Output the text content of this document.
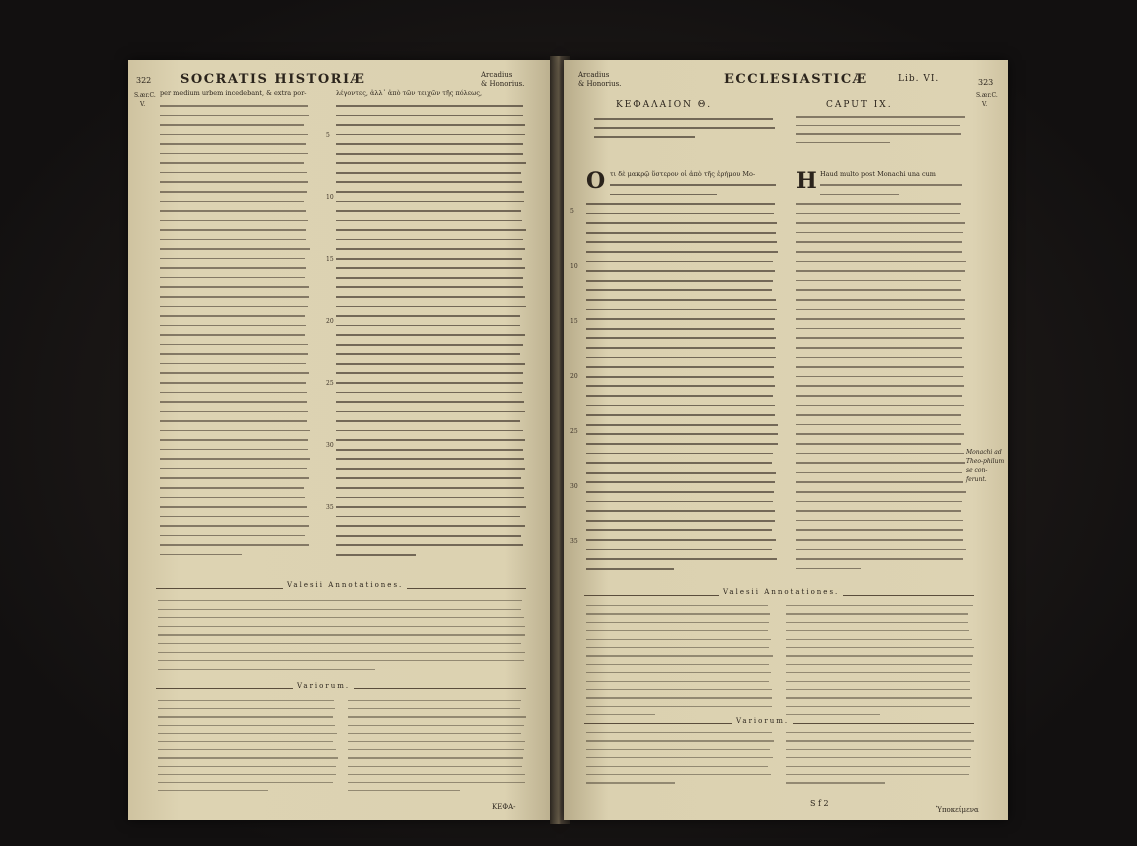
322 SOCRATIS HISTORIÆ	Arcadius
& Honorius.
S.ær.C.
V.
per medium urbem incedebant, & extra por-	λέγοντες, ἀλλ᾽ ἀπὸ τῶν τειχῶν τῆς πόλεως,
Valesii Annotationes.
Variorum.
ΚΕΦΑ-
5
10
15
20
25
30
35
Arcadius
& Honorius.	ECCLESIASTICÆ	Lib. VI.	323
S.ær.C.
V.
ΚΕΦΑΛΑΙΟΝ Θ.	CAPUT IX.
O	H
τι δὲ μακρῷ ὕστερον οἱ ἀπὸ τῆς ἐρήμου Μο-	Haud multo post Monachi una cum
Valesii Annotationes.
Variorum.
Monachi ad Theo-philum se con-ferunt.
S f 2
Ὑποκείμενα
5
10
15
20
25
30
35
